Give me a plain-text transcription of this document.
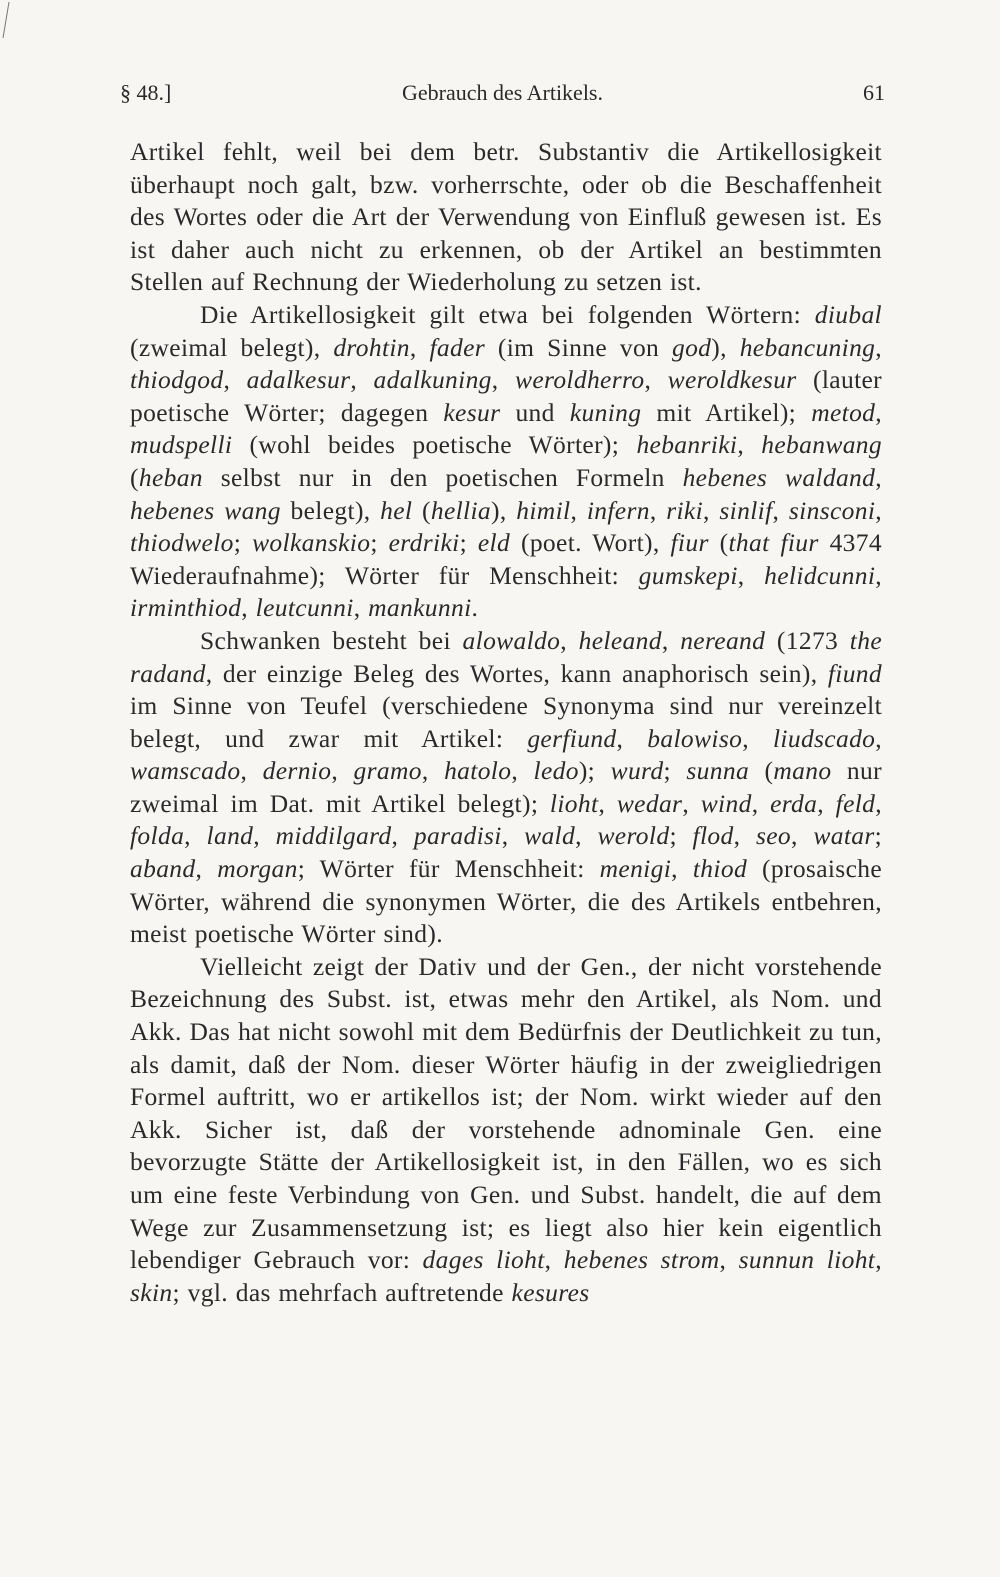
§ 48.]	Gebrauch des Artikels.	61

Artikel fehlt, weil bei dem betr. Substantiv die Artikellosigkeit überhaupt noch galt, bzw. vorherrschte, oder ob die Beschaffenheit des Wortes oder die Art der Verwendung von Einfluß gewesen ist. Es ist daher auch nicht zu erkennen, ob der Artikel an bestimmten Stellen auf Rechnung der Wiederholung zu setzen ist.

Die Artikellosigkeit gilt etwa bei folgenden Wörtern: diubal (zweimal belegt), drohtin, fader (im Sinne von god), hebancuning, thiodgod, adalkesur, adalkuning, weroldherro, weroldkesur (lauter poetische Wörter; dagegen kesur und kuning mit Artikel); metod, mudspelli (wohl beides poetische Wörter); hebanriki, hebanwang (heban selbst nur in den poetischen Formeln hebenes waldand, hebenes wang belegt), hel (hellia), himil, infern, riki, sinlif, sinsconi, thiodwelo; wolkanskio; erdriki; eld (poet. Wort), fiur (that fiur 4374 Wiederaufnahme); Wörter für Menschheit: gumskepi, helidcunni, irminthiod, leutcunni, mankunni.

Schwanken besteht bei alowaldo, heleand, nereand (1273 the radand, der einzige Beleg des Wortes, kann anaphorisch sein), fiund im Sinne von Teufel (verschiedene Synonyma sind nur vereinzelt belegt, und zwar mit Artikel: gerfiund, balowiso, liudscado, wamscado, dernio, gramo, hatolo, ledo); wurd; sunna (mano nur zweimal im Dat. mit Artikel belegt); lioht, wedar, wind, erda, feld, folda, land, middilgard, paradisi, wald, werold; flod, seo, watar; aband, morgan; Wörter für Menschheit: menigi, thiod (prosaische Wörter, während die synonymen Wörter, die des Artikels entbehren, meist poetische Wörter sind).

Vielleicht zeigt der Dativ und der Gen., der nicht vorstehende Bezeichnung des Subst. ist, etwas mehr den Artikel, als Nom. und Akk. Das hat nicht sowohl mit dem Bedürfnis der Deutlichkeit zu tun, als damit, daß der Nom. dieser Wörter häufig in der zweigliedrigen Formel auftritt, wo er artikellos ist; der Nom. wirkt wieder auf den Akk. Sicher ist, daß der vorstehende adnominale Gen. eine bevorzugte Stätte der Artikellosigkeit ist, in den Fällen, wo es sich um eine feste Verbindung von Gen. und Subst. handelt, die auf dem Wege zur Zusammensetzung ist; es liegt also hier kein eigentlich lebendiger Gebrauch vor: dages lioht, hebenes strom, sunnun lioht, skin; vgl. das mehrfach auftretende kesures
